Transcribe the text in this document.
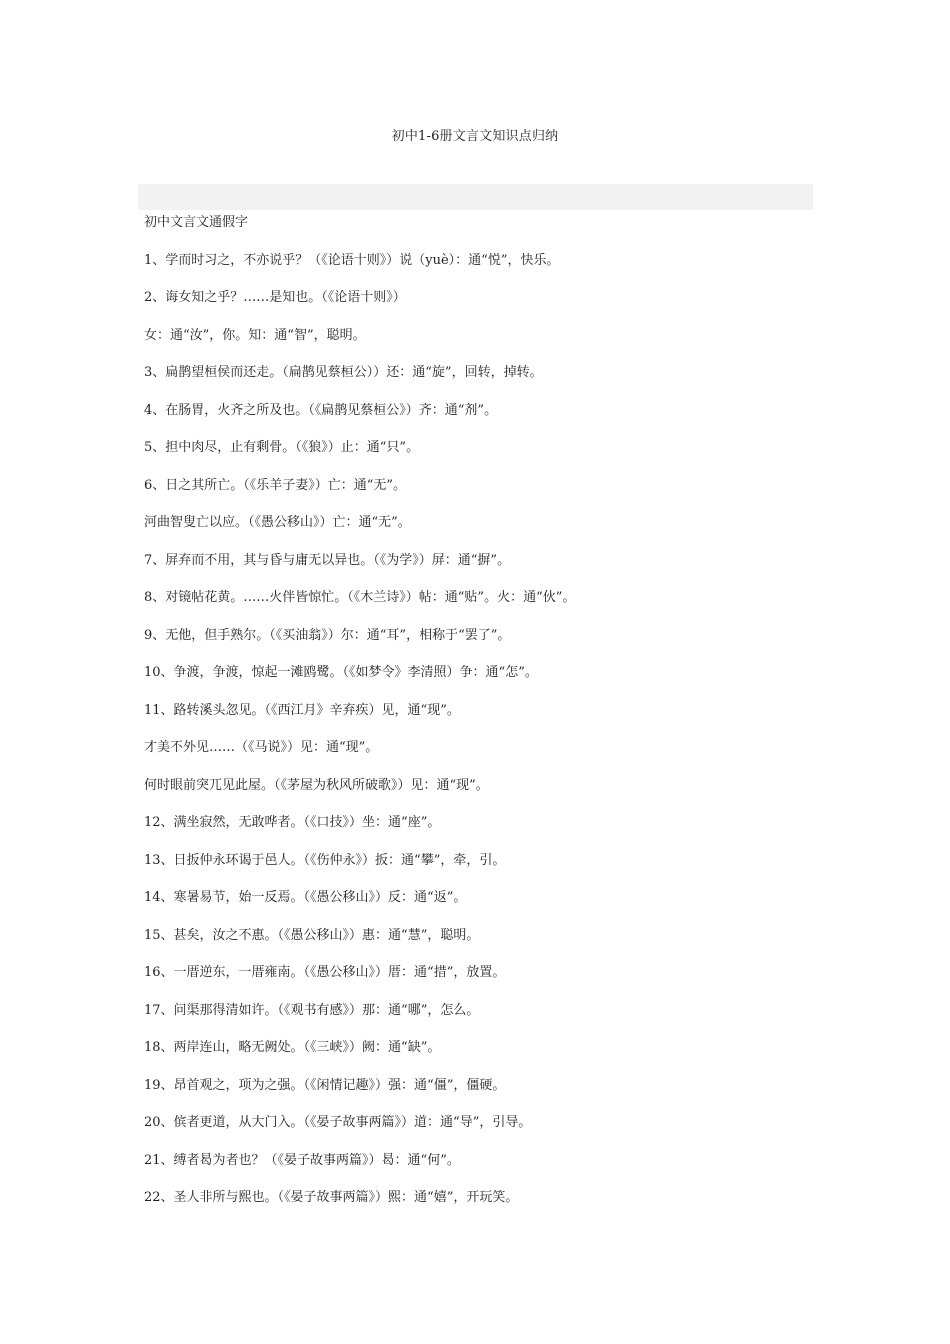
初中1-6册文言文知识点归纳
初中文言文通假字
1、学而时习之，不亦说乎？（《论语十则》）说（yuè）：通“悦”，快乐。
2、诲女知之乎？……是知也。（《论语十则》）
女：通“汝”，你。知：通“智”，聪明。
3、扁鹊望桓侯而还走。（扁鹊见蔡桓公））还：通“旋”，回转，掉转。
4、在肠胃，火齐之所及也。（《扁鹊见蔡桓公》）齐：通“剂”。
5、担中肉尽，止有剩骨。（《狼》）止：通“只”。
6、日之其所亡。（《乐羊子妻》）亡：通“无”。
河曲智叟亡以应。（《愚公移山》）亡：通“无”。
7、屏弃而不用，其与昏与庸无以异也。（《为学》）屏：通“摒”。
8、对镜帖花黄。……火伴皆惊忙。（《木兰诗》）帖：通“贴”。火：通“伙”。
9、无他，但手熟尔。（《买油翁》）尔：通“耳”，相称于“罢了”。
10、争渡，争渡，惊起一滩鸥鹭。（《如梦令》李清照）争：通“怎”。
11、路转溪头忽见。（《西江月》辛弃疾）见，通“现”。
才美不外见……（《马说》）见：通“现”。
何时眼前突兀见此屋。（《茅屋为秋风所破歌》）见：通“现”。
12、满坐寂然，无敢哗者。（《口技》）坐：通“座”。
13、日扳仲永环谒于邑人。（《伤仲永》）扳：通“攀”，牵，引。
14、寒暑易节，始一反焉。（《愚公移山》）反：通“返”。
15、甚矣，汝之不惠。（《愚公移山》）惠：通“慧”，聪明。
16、一厝逆东，一厝雍南。（《愚公移山》）厝：通“措”，放置。
17、问渠那得清如许。（《观书有感》）那：通“哪”，怎么。
18、两岸连山，略无阙处。（《三峡》）阙：通“缺”。
19、昂首观之，项为之强。（《闲情记趣》）强：通“僵”，僵硬。
20、傧者更道，从大门入。（《晏子故事两篇》）道：通“导”，引导。
21、缚者曷为者也？（《晏子故事两篇》）曷：通“何”。
22、圣人非所与熙也。（《晏子故事两篇》）熙：通“嬉”，开玩笑。
